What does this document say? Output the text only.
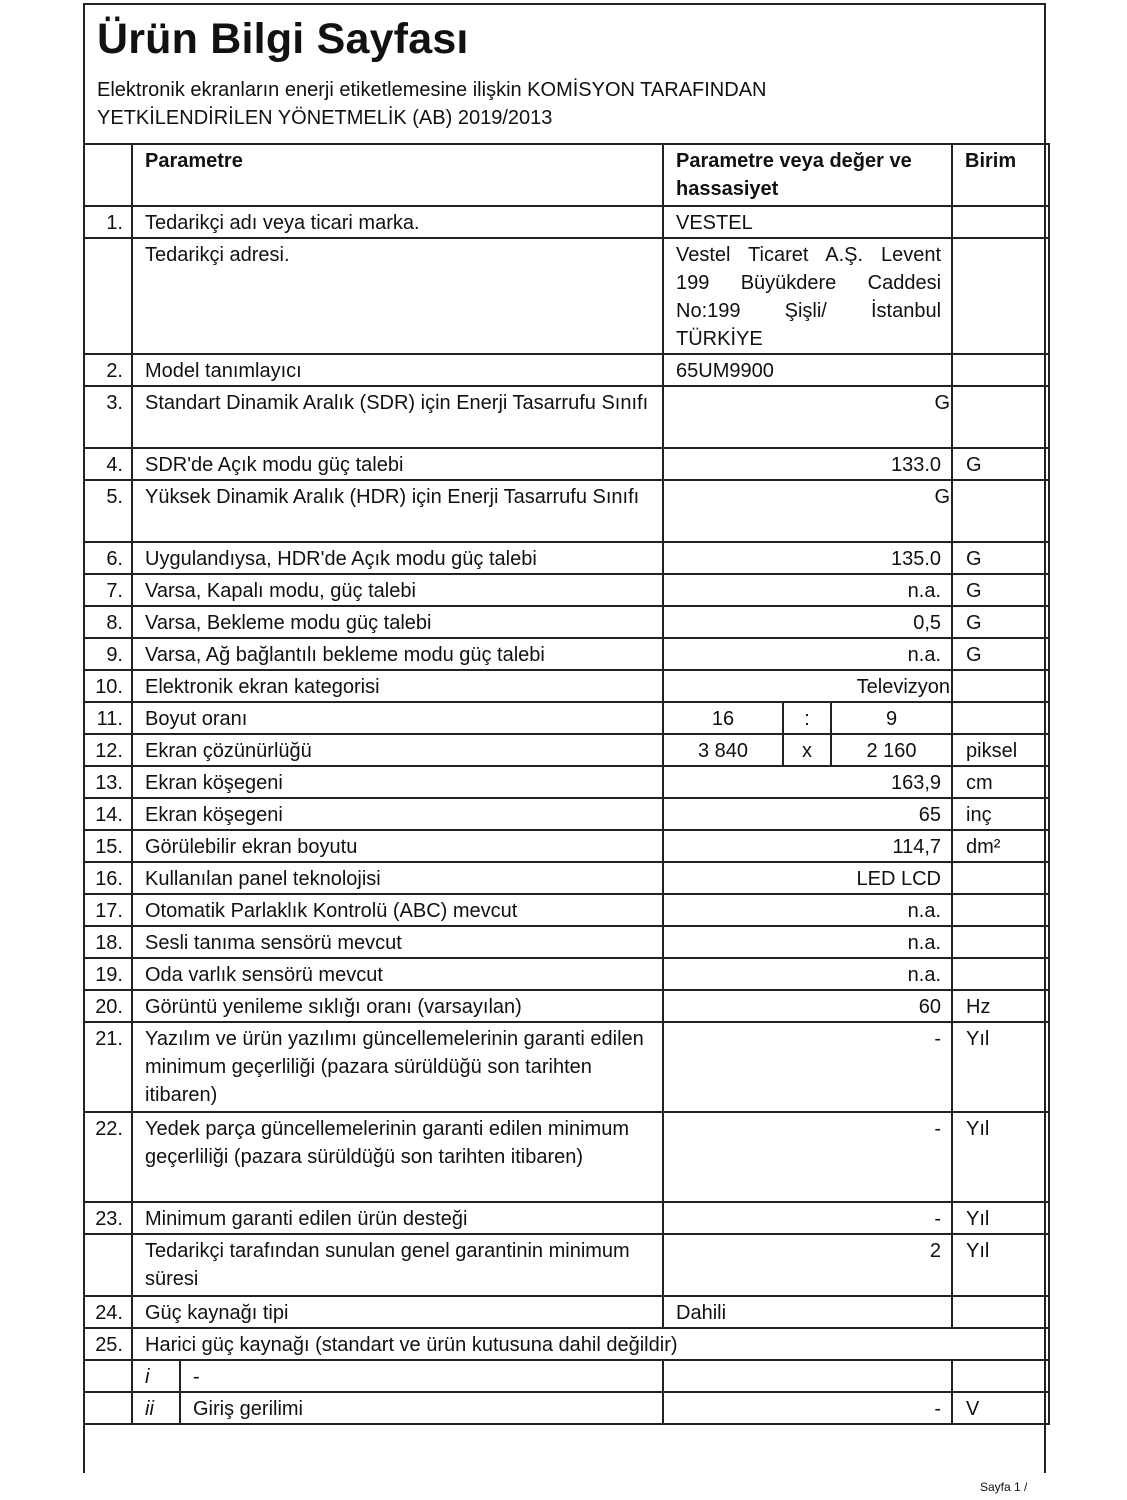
Ürün Bilgi Sayfası
Elektronik ekranların enerji etiketlemesine ilişkin KOMİSYON TARAFINDAN
YETKİLENDİRİLEN YÖNETMELİK (AB) 2019/2013
	Parametre		Parametre veya değer ve hassasiyet			Birim
1.	Tedarikçi adı veya ticari marka.		VESTEL			
	Tedarikçi adresi.		Vestel Ticaret A.Ş. Levent 199 Büyükdere Caddesi No:199 Şişli/ İstanbul TÜRKİYE			
2.	Model tanımlayıcı		65UM9900			
3.	Standart Dinamik Aralık (SDR) için Enerji Tasarrufu Sınıfı		G			
4.	SDR'de Açık modu güç talebi		133.0			G
5.	Yüksek Dinamik Aralık (HDR) için Enerji Tasarrufu Sınıfı		G			
6.	Uygulandıysa, HDR'de Açık modu güç talebi		135.0			G
7.	Varsa, Kapalı modu, güç talebi		n.a.			G
8.	Varsa, Bekleme modu güç talebi		0,5			G
9.	Varsa, Ağ bağlantılı bekleme modu güç talebi		n.a.			G
10.	Elektronik ekran kategorisi		Televizyon			
11.	Boyut oranı		16	:	9	
12.	Ekran çözünürlüğü		3 840	x	2 160	piksel
13.	Ekran köşegeni		163,9			cm
14.	Ekran köşegeni		65			inç
15.	Görülebilir ekran boyutu		114,7			dm²
16.	Kullanılan panel teknolojisi		LED LCD			
17.	Otomatik Parlaklık Kontrolü (ABC) mevcut		n.a.			
18.	Sesli tanıma sensörü mevcut		n.a.			
19.	Oda varlık sensörü mevcut		n.a.			
20.	Görüntü yenileme sıklığı oranı (varsayılan)		60			Hz
21.	Yazılım ve ürün yazılımı güncellemelerinin garanti edilen minimum geçerliliği (pazara sürüldüğü son tarihten itibaren)		-			Yıl
22.	Yedek parça güncellemelerinin garanti edilen minimum geçerliliği (pazara sürüldüğü son tarihten itibaren)		-			Yıl
23.	Minimum garanti edilen ürün desteği		-			Yıl
	Tedarikçi tarafından sunulan genel garantinin minimum süresi		2			Yıl
24.	Güç kaynağı tipi		Dahili			
25.	Harici güç kaynağı (standart ve ürün kutusuna dahil değildir)					
	i	-				
	ii	Giriş gerilimi	-			V
Sayfa 1 /
